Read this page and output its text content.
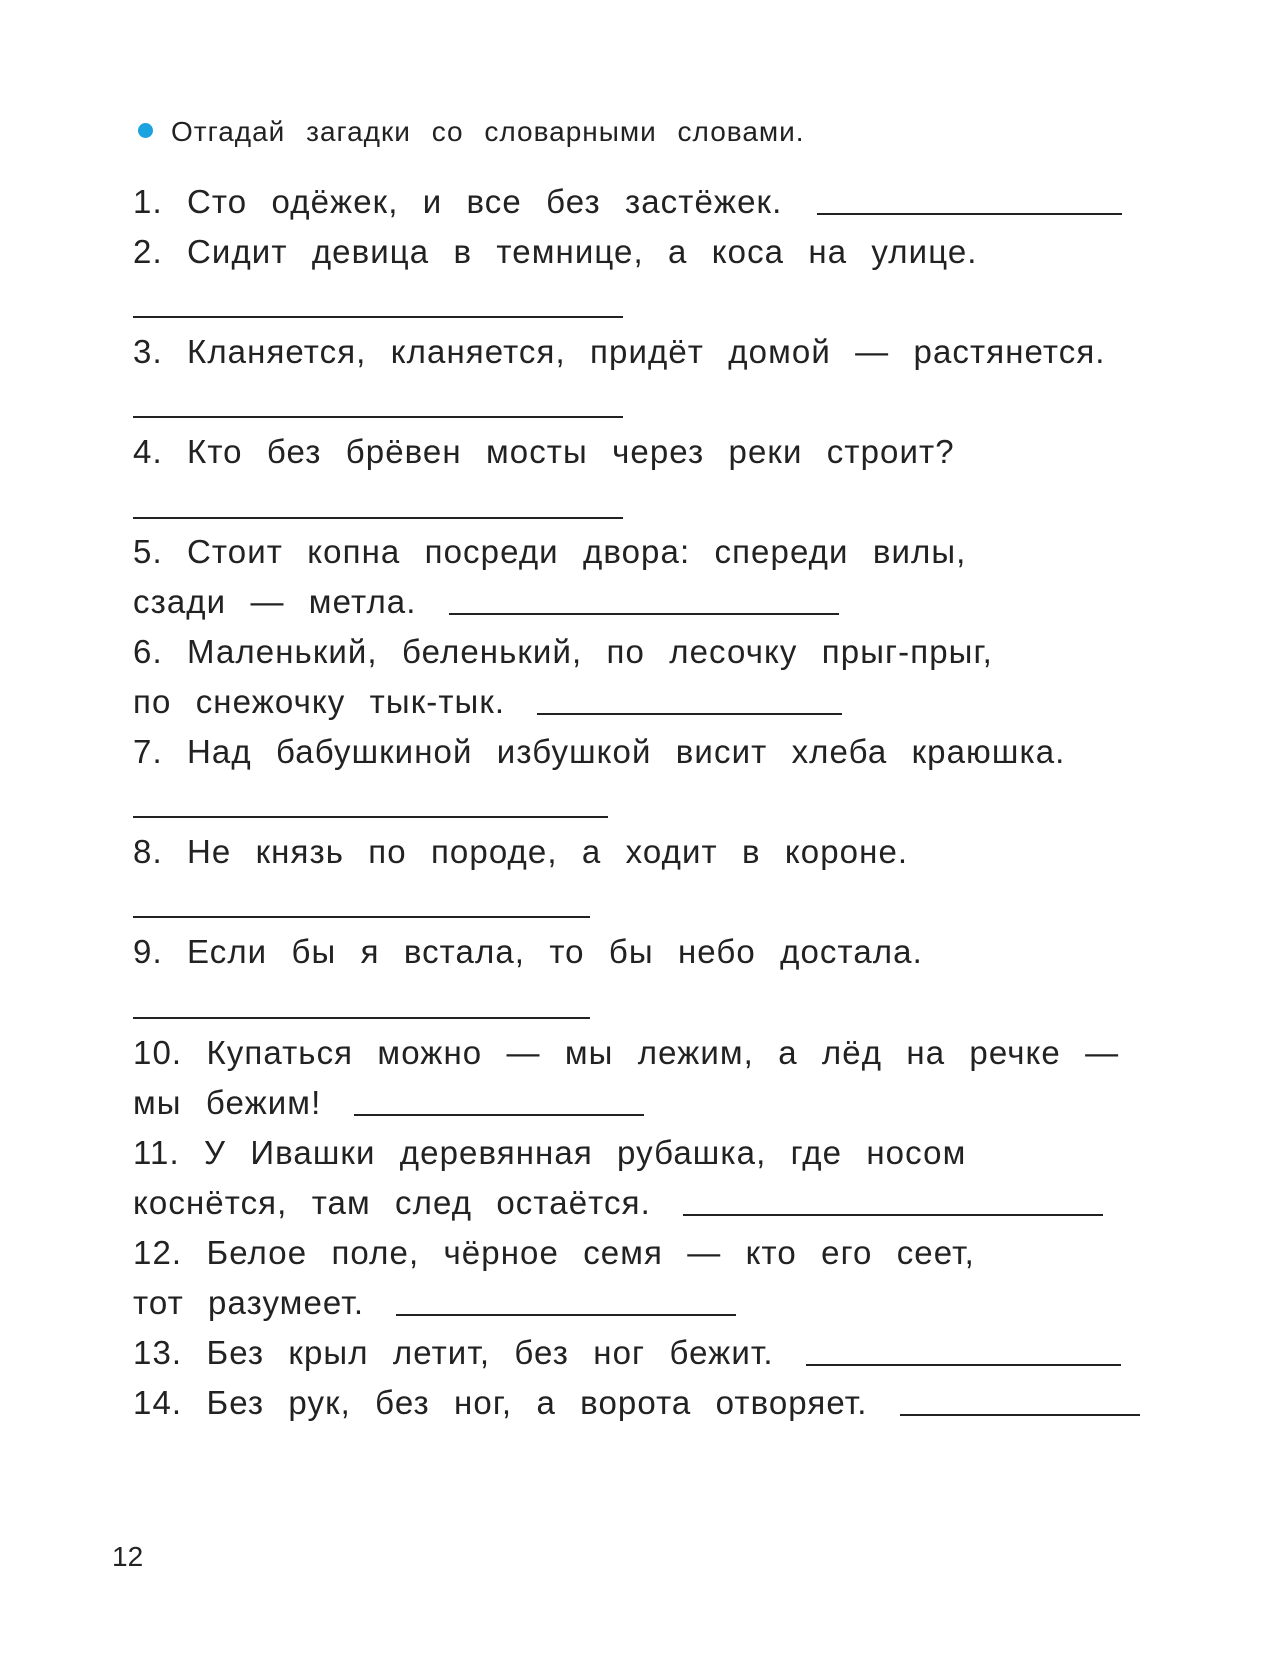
Отгадай загадки со словарными словами.
1. Сто одёжек, и все без застёжек.
2. Сидит девица в темнице, а коса на улице.
3. Кланяется, кланяется, придёт домой — растянется.
4. Кто без брёвен мосты через реки строит?
5. Стоит копна посреди двора: спереди вилы,
сзади — метла.
6. Маленький, беленький, по лесочку прыг-прыг,
по снежочку тык-тык.
7. Над бабушкиной избушкой висит хлеба краюшка.
8. Не князь по породе, а ходит в короне.
9. Если бы я встала, то бы небо достала.
10. Купаться можно — мы лежим, а лёд на речке —
мы бежим!
11. У Ивашки деревянная рубашка, где носом
коснётся, там след остаётся.
12. Белое поле, чёрное семя — кто его сеет,
тот разумеет.
13. Без крыл летит, без ног бежит.
14. Без рук, без ног, а ворота отворяет.
12
